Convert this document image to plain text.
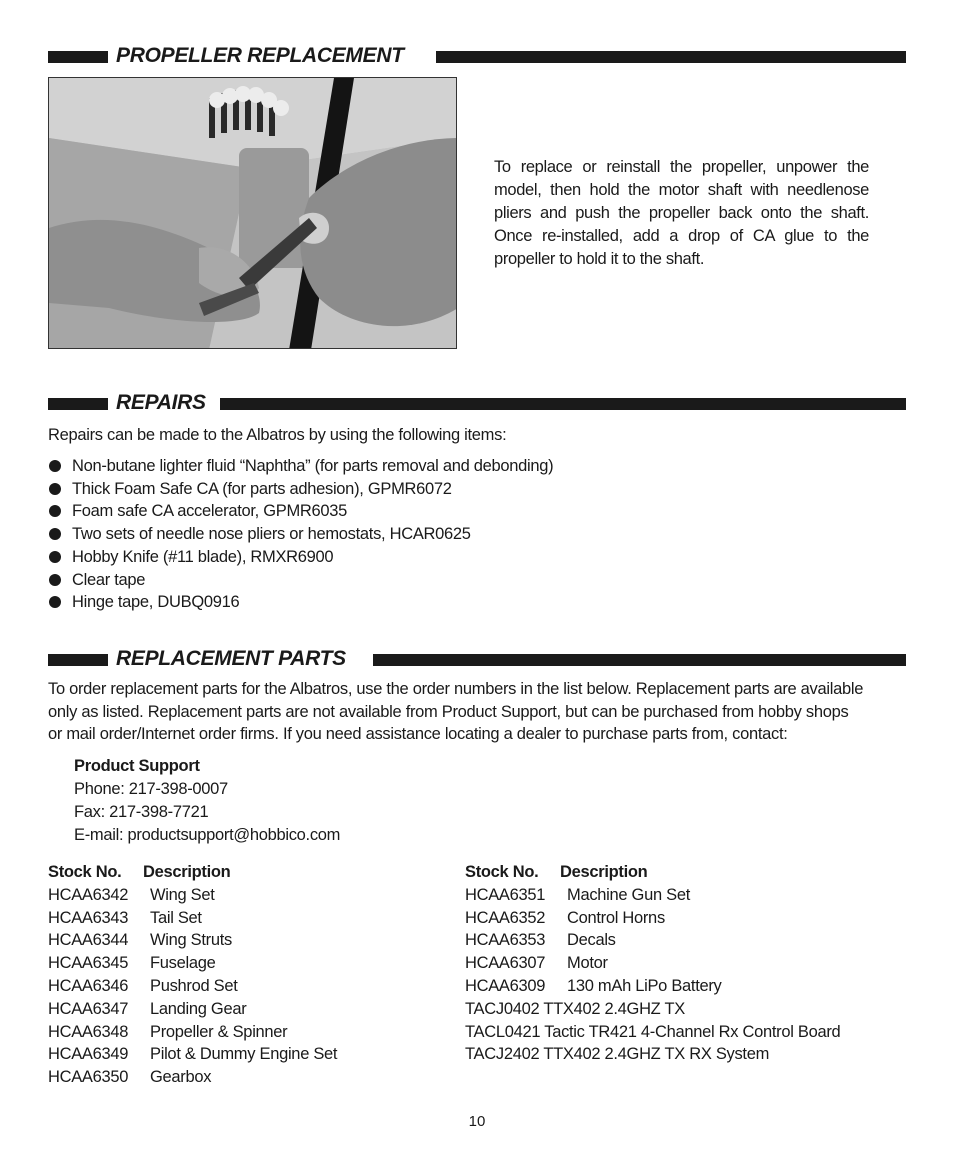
PROPELLER REPLACEMENT
To replace or reinstall the propeller, unpower the model, then hold the motor shaft with needlenose pliers and push the propeller back onto the shaft. Once re-installed, add a drop of CA glue to the propeller to hold it to the shaft.
REPAIRS
Repairs can be made to the Albatros by using the following items:
Non-butane lighter fluid “Naphtha” (for parts removal and debonding)
Thick Foam Safe CA (for parts adhesion), GPMR6072
Foam safe CA accelerator, GPMR6035
Two sets of needle nose pliers or hemostats, HCAR0625
Hobby Knife (#11 blade), RMXR6900
Clear tape
Hinge tape, DUBQ0916
REPLACEMENT PARTS
To order replacement parts for the Albatros, use the order numbers in the list below. Replacement parts are available
only as listed. Replacement parts are not available from Product Support, but can be purchased from hobby shops
or mail order/Internet order firms. If you need assistance locating a dealer to purchase parts from, contact:
Product Support
Phone: 217-398-0007
Fax: 217-398-7721
E-mail: productsupport@hobbico.com
Stock No. Description
HCAA6342 Wing Set
HCAA6343 Tail Set
HCAA6344 Wing Struts
HCAA6345 Fuselage
HCAA6346 Pushrod Set
HCAA6347 Landing Gear
HCAA6348 Propeller & Spinner
HCAA6349 Pilot & Dummy Engine Set
HCAA6350 Gearbox
Stock No. Description
HCAA6351 Machine Gun Set
HCAA6352 Control Horns
HCAA6353 Decals
HCAA6307 Motor
HCAA6309 130 mAh LiPo Battery
TACJ0402 TTX402 2.4GHZ TX
TACL0421 Tactic TR421 4-Channel Rx Control Board
TACJ2402 TTX402 2.4GHZ TX RX System
10
